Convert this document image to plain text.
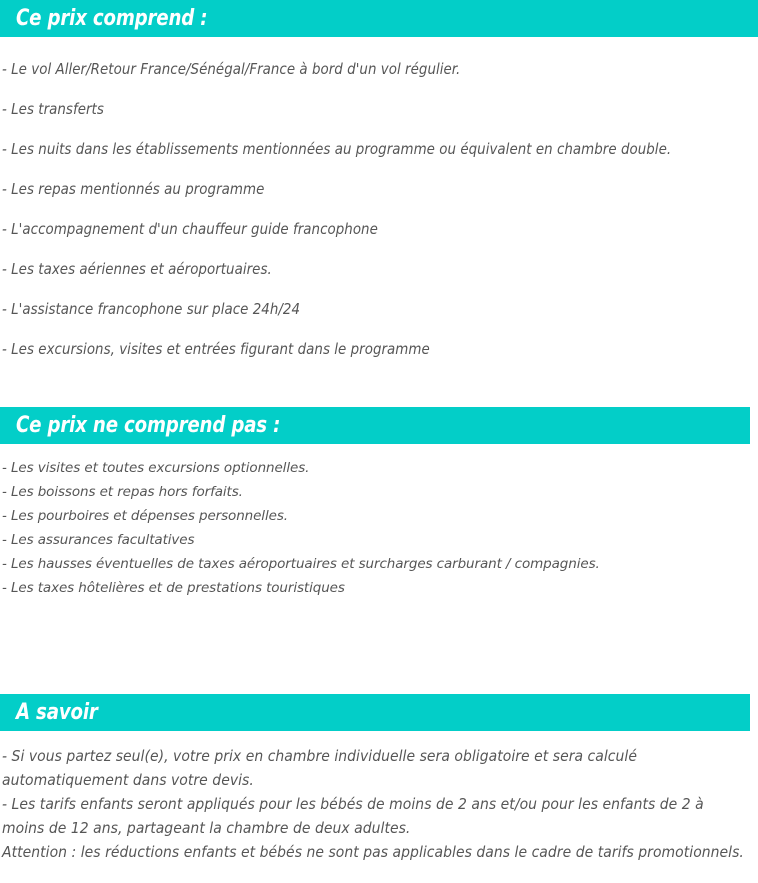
Ce prix comprend :
- Le vol Aller/Retour France/Sénégal/France à bord d'un vol régulier.
- Les transferts
- Les nuits dans les établissements mentionnées au programme ou équivalent en chambre double.
- Les repas mentionnés au programme
- L'accompagnement d'un chauffeur guide francophone
- Les taxes aériennes et aéroportuaires.
- L'assistance francophone sur place 24h/24
- Les excursions, visites et entrées figurant dans le programme
Ce prix ne comprend pas :
- Les visites et toutes excursions optionnelles.
- Les boissons et repas hors forfaits.
- Les pourboires et dépenses personnelles.
- Les assurances facultatives
- Les hausses éventuelles de taxes aéroportuaires et surcharges carburant / compagnies.
- Les taxes hôtelières et de prestations touristiques
A savoir

- Si vous partez seul(e), votre prix en chambre individuelle sera obligatoire et sera calculé automatiquement dans votre devis.

- Les tarifs enfants seront appliqués pour les bébés de moins de 2 ans et/ou pour les enfants de 2 à moins de 12 ans, partageant la chambre de deux adultes.

Attention : les réductions enfants et bébés ne sont pas applicables dans le cadre de tarifs promotionnels.
